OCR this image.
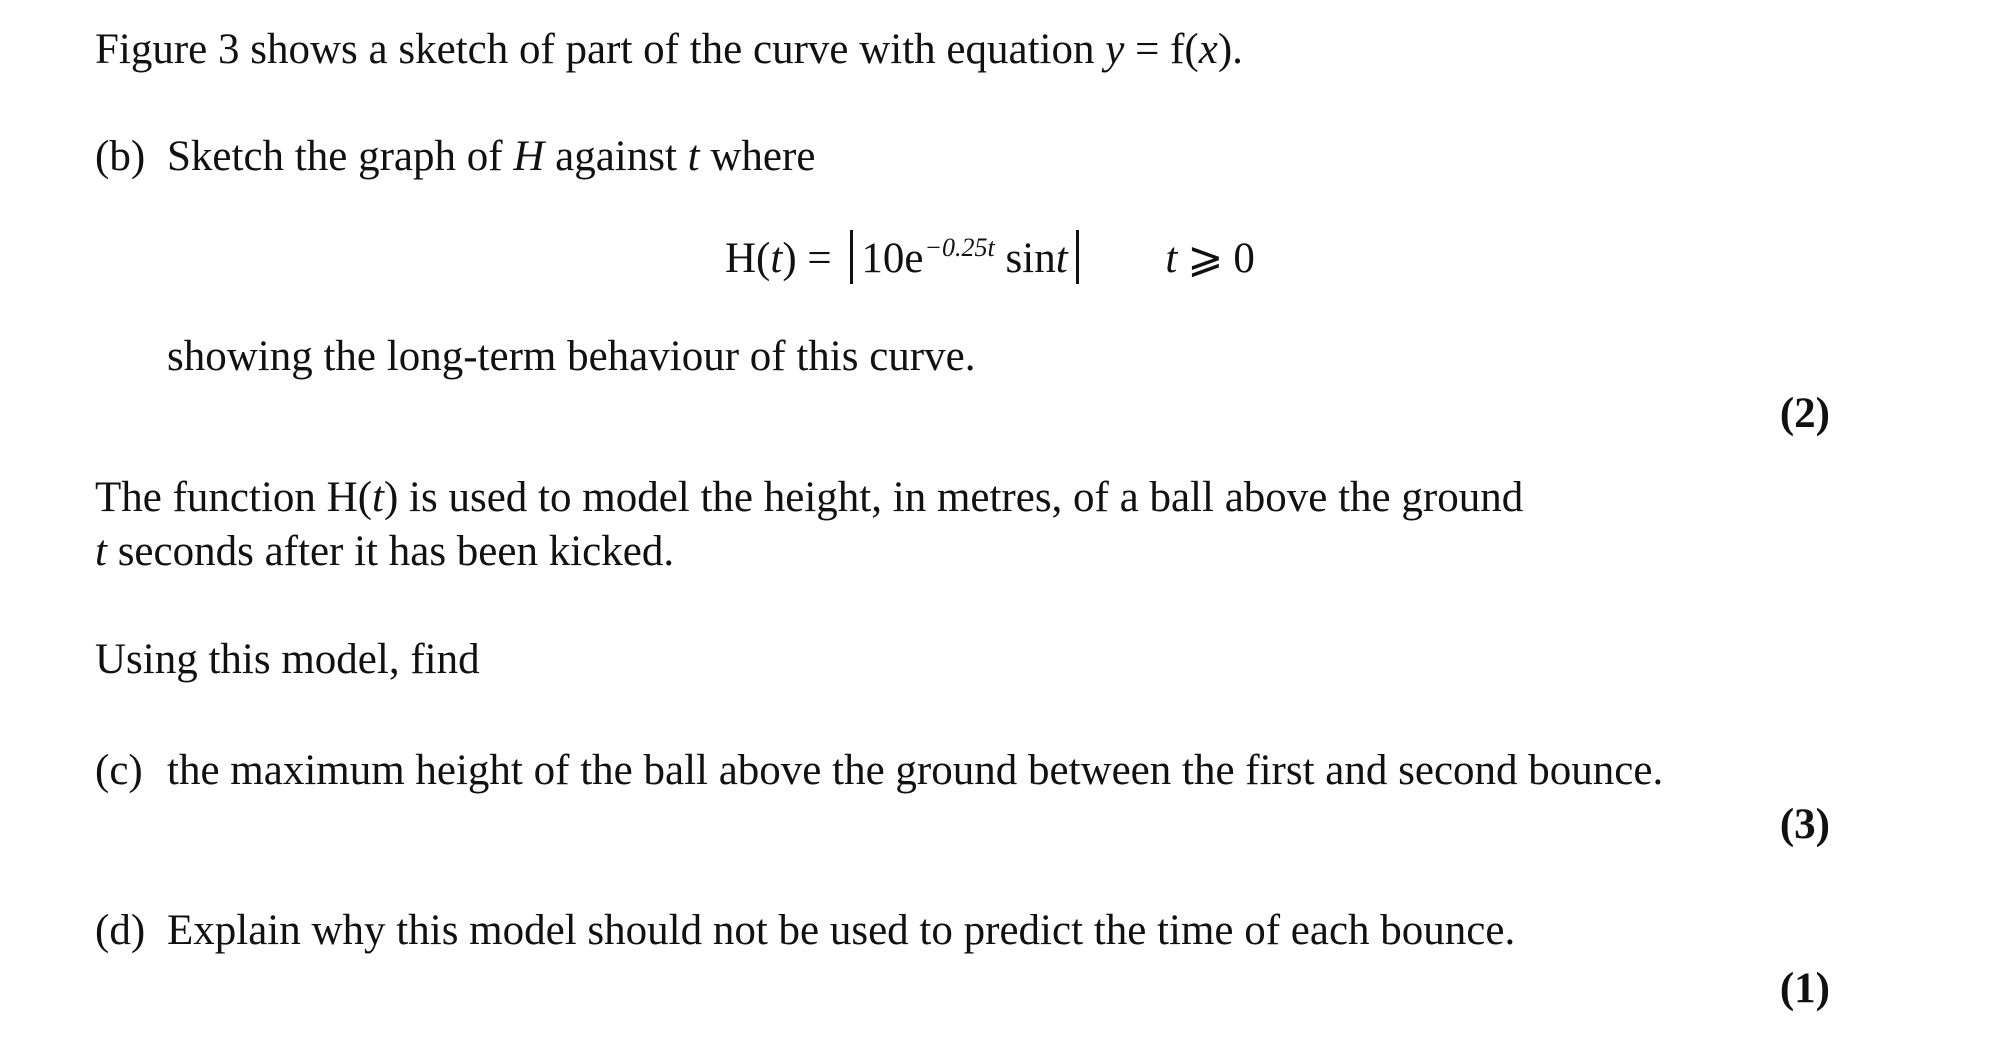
Figure 3 shows a sketch of part of the curve with equation y = f(x).
(b) Sketch the graph of H against t where
$H(t) = 10e^{-0.25t}$ sint t ⩾ 0
showing the long-term behaviour of this curve.
(2)
The function H(t) is used to model the height, in metres, of a ball above the ground
t seconds after it has been kicked.
Using this model, find
(c) the maximum height of the ball above the ground between the first and second bounce.
(3)
(d) Explain why this model should not be used to predict the time of each bounce.
(1)
